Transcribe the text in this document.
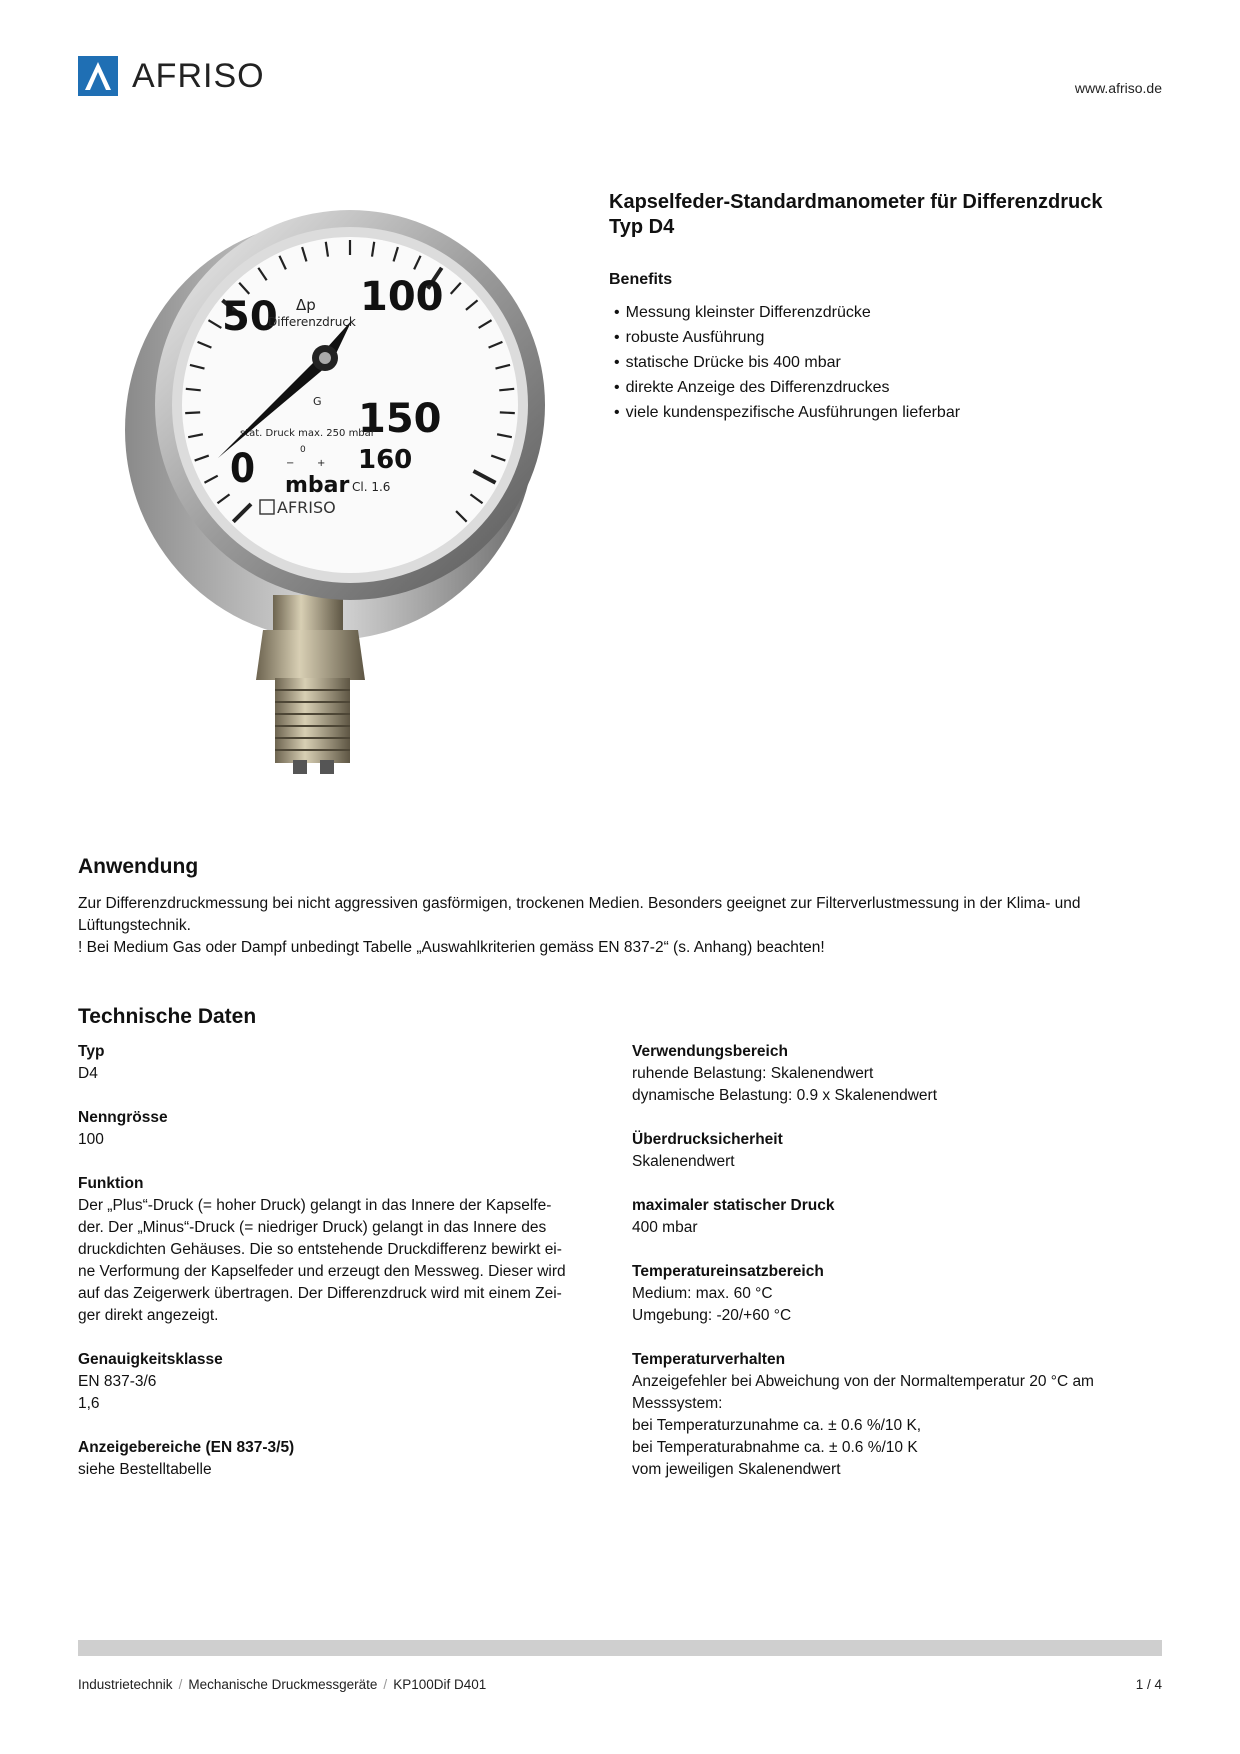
AFRISO	www.afriso.de
Kapselfeder-Standardmanometer für Differenzdruck
Typ D4
Benefits
• Messung kleinster Differenzdrücke
• robuste Ausführung
• statische Drücke bis 400 mbar
• direkte Anzeige des Differenzdruckes
• viele kundenspezifische Ausführungen lieferbar
0
50 100
150
160
Δp
Differenzdruck
G
stat. Druck max. 250 mbar
0
− +
mbar Cl. 1.6
AFRISO
Anwendung
Zur Differenzdruckmessung bei nicht aggressiven gasförmigen, trockenen Medien. Besonders geeignet zur Filterverlustmessung in der Klima- und Lüftungstechnik.
! Bei Medium Gas oder Dampf unbedingt Tabelle „Auswahlkriterien gemäss EN 837-2“ (s. Anhang) beachten!
Technische Daten
Typ
D4
Nenngrösse
100
Funktion
Der „Plus“-Druck (= hoher Druck) gelangt in das Innere der Kapselfe-
der. Der „Minus“-Druck (= niedriger Druck) gelangt in das Innere des
druckdichten Gehäuses. Die so entstehende Druckdifferenz bewirkt ei-
ne Verformung der Kapselfeder und erzeugt den Messweg. Dieser wird
auf das Zeigerwerk übertragen. Der Differenzdruck wird mit einem Zei-
ger direkt angezeigt.
Genauigkeitsklasse
EN 837-3/6
1,6
Anzeigebereiche (EN 837-3/5)
siehe Bestelltabelle
Verwendungsbereich
ruhende Belastung: Skalenendwert
dynamische Belastung: 0.9 x Skalenendwert
Überdrucksicherheit
Skalenendwert
maximaler statischer Druck
400 mbar
Temperatureinsatzbereich
Medium: max. 60 °C
Umgebung: -20/+60 °C
Temperaturverhalten
Anzeigefehler bei Abweichung von der Normaltemperatur 20 °C am
Messsystem:
bei Temperaturzunahme ca. ± 0.6 %/10 K,
bei Temperaturabnahme ca. ± 0.6 %/10 K
vom jeweiligen Skalenendwert
Industrietechnik / Mechanische Druckmessgeräte / KP100Dif D401	1 / 4
